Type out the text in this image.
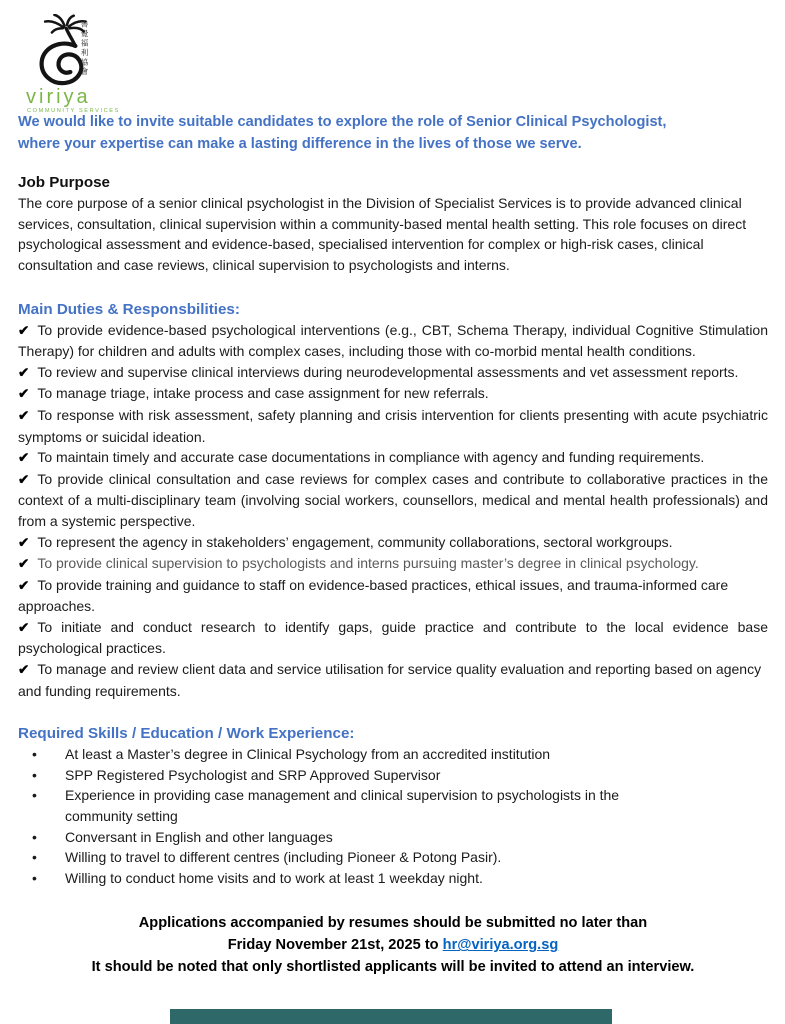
善覺福利協會
viriya
COMMUNITY SERVICES

We would like to invite suitable candidates to explore the role of Senior Clinical Psychologist,
where your expertise can make a lasting difference in the lives of those we serve.

Job Purpose

The core purpose of a senior clinical psychologist in the Division of Specialist Services is to provide advanced clinical services, consultation, clinical supervision within a community-based mental health setting. This role focuses on direct psychological assessment and evidence-based, specialised intervention for complex or high-risk cases, clinical consultation and case reviews, clinical supervision to psychologists and interns.

Main Duties & Responsbilities:

✔ To provide evidence-based psychological interventions (e.g., CBT, Schema Therapy, individual Cognitive Stimulation Therapy) for children and adults with complex cases, including those with co-morbid mental health conditions.

✔ To review and supervise clinical interviews during neurodevelopmental assessments and vet assessment reports.

✔ To manage triage, intake process and case assignment for new referrals.

✔ To response with risk assessment, safety planning and crisis intervention for clients presenting with acute psychiatric symptoms or suicidal ideation.

✔ To maintain timely and accurate case documentations in compliance with agency and funding requirements.

✔ To provide clinical consultation and case reviews for complex cases and contribute to collaborative practices in the context of a multi-disciplinary team (involving social workers, counsellors, medical and mental health professionals) and from a systemic perspective.

✔ To represent the agency in stakeholders’ engagement, community collaborations, sectoral workgroups.

✔ To provide clinical supervision to psychologists and interns pursuing master’s degree in clinical psychology.

✔ To provide training and guidance to staff on evidence-based practices, ethical issues, and trauma-informed care approaches.

✔ To initiate and conduct research to identify gaps, guide practice and contribute to the local evidence base psychological practices.

✔ To manage and review client data and service utilisation for service quality evaluation and reporting based on agency and funding requirements.

Required Skills / Education / Work Experience:
• At least a Master’s degree in Clinical Psychology from an accredited institution
• SPP Registered Psychologist and SRP Approved Supervisor
• Experience in providing case management and clinical supervision to psychologists in the community setting
• Conversant in English and other languages
• Willing to travel to different centres (including Pioneer & Potong Pasir).
• Willing to conduct home visits and to work at least 1 weekday night.
Applications accompanied by resumes should be submitted no later than
Friday November 21st, 2025 to hr@viriya.org.sg
It should be noted that only shortlisted applicants will be invited to attend an interview.
